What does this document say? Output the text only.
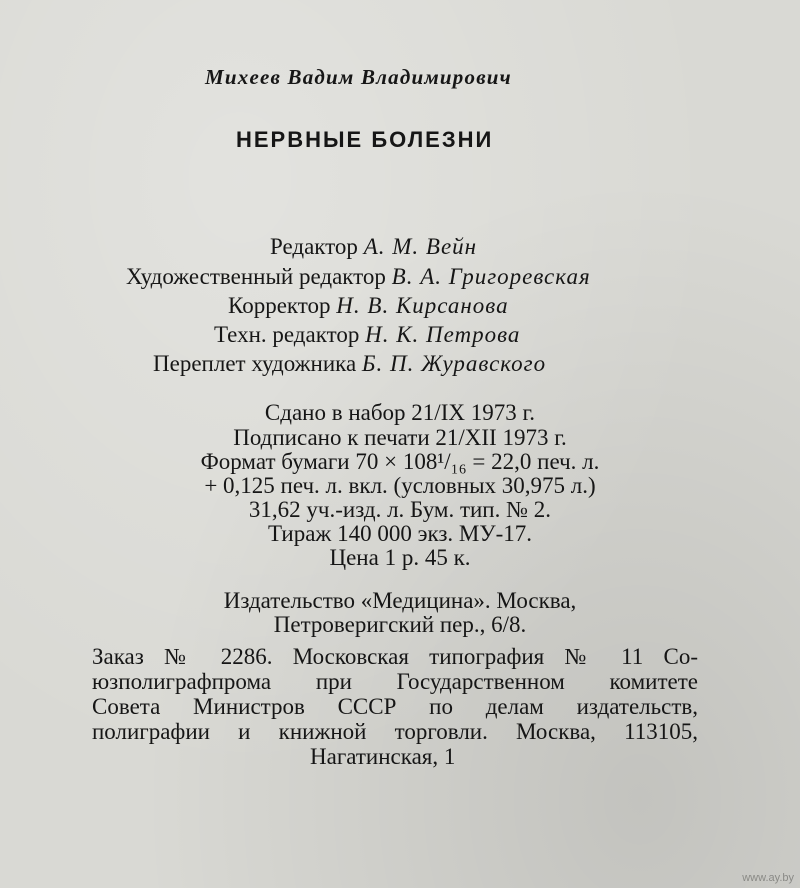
Михеев Вадим Владимирович
НЕРВНЫЕ БОЛЕЗНИ
Редактор А. М. Вейн
Художественный редактор В. А. Григоревская
Корректор Н. В. Кирсанова
Техн. редактор Н. К. Петрова
Переплет художника Б. П. Журавского
Сдано в набор 21/IX 1973 г.
Подписано к печати 21/XII 1973 г.
Формат бумаги 70 × 108¹/₁₆ = 22,0 печ. л.
+ 0,125 печ. л. вкл. (условных 30,975 л.)
31,62 уч.-изд. л. Бум. тип. № 2.
Тираж 140 000 экз. МУ-17.
Цена 1 р. 45 к.
Издательство «Медицина». Москва,
Петроверигский пер., 6/8.
Заказ № 2286. Московская типография № 11 Со-
юзполиграфпрома при Государственном комитете
Совета Министров СССР по делам издательств,
полиграфии и книжной торговли. Москва, 113105,
Нагатинская, 1
www.ay.by
